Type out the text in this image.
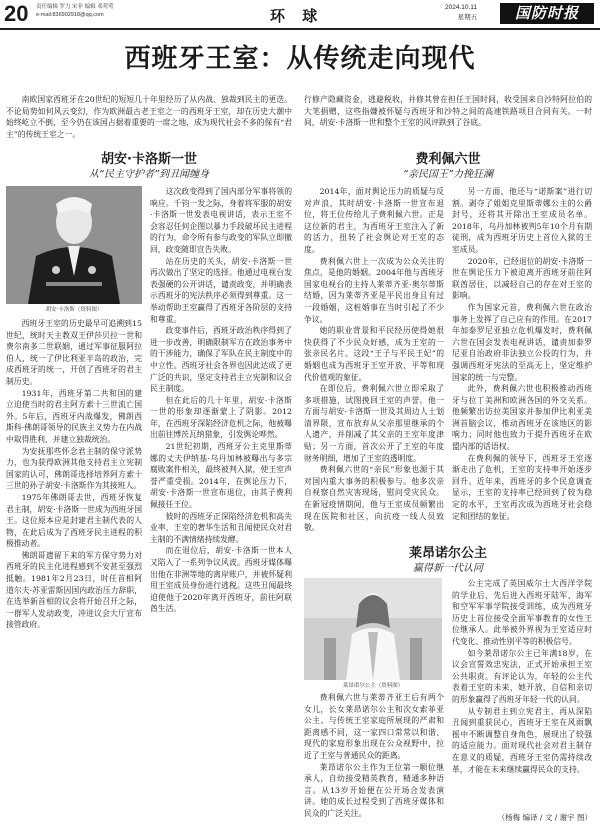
20 责任编辑 罗力 宋菲 编辑 邓莺莺
e-mail:836902918@qq.com	环 球	2024.10.11
星期五	国防时报
西班牙王室：从传统走向现代

南欧国家西班牙在20世纪的短短几十年里经历了从内战、独裁到民主的更迭。不论局势如何风云变幻，作为欧洲最古老王室之一的西班牙王室，却在历史大潮中始终屹立不倒，至今仍在该国占据着重要的一席之地，成为现代社会不多的保有“君主”的传统王室之一。

行修产隐藏资金，逃避税收，并修其曾在担任王国时间，收受国来自沙特阿拉伯的大笔捐赠，这些指嫌被怀疑与西班牙和沙特之间的高速铁路项目合同有关。一时间，胡安·卡洛斯一世和整个王室的风评跌到了谷底。

胡安·卡洛斯一世
从“民主守护者”到丑闻缠身
胡安·卡洛斯（资料图）

西班牙王室的历史最早可追溯到15世纪，统时天主教双王伊莎贝拉一世和费尔南多二世联姻，通过军事征服阿拉伯人，统一了伊比利亚半岛的政治，完成西班牙的统一，开创了西班牙的君主制历史。

1931年，西班牙第二共和国的建立迫使当时的君主阿方索十三世流亡国外。5年后，西班牙内战爆发，佛朗西斯科·佛朗哥领导的民族主义势力在内战中取得胜利，并建立独裁统治。

为安抚那些怀念君主制的保守派势力，也为获得欧洲其他支持君主立宪制国家的认可，佛朗哥选择培养阿方索十三世的孙子胡安·卡洛斯作为其接班人。

1975年佛朗哥去世，西班牙恢复君主制，胡安·卡洛斯一世成为西班牙国王。这位原本应是封建君主制代表的人物，在此后成为了西班牙民主进程的积极推动者。

佛朗哥遗留下来的军方保守势力对西班牙的民主化进程感到不安甚至强烈抵触。1981年2月23日，时任首相阿道尔夫·苏亚雷斯因国内政治压力辞职，在选举新首相的议会将开始召开之际，一群军人发动政变，冲进议会大厅宣布接管政府。

这次政变得到了国内部分军事将领的响应。千钧一发之际，身着将军服的胡安·卡洛斯一世发表电视讲话，表示王室不会容忍任何企图以暴力手段破坏民主进程的行为，命令所有参与政变的军队立即撤回，政变随即宣告失败。

站在历史的关头，胡安·卡洛斯一世再次做出了坚定的选择。他通过电视台发表强硬的公开讲话，谴责政变，并明确表示西班牙的宪法秩序必须得到尊重。这一举动帮助王室赢得了西班牙各阶层的支持和尊重。

政变事件后，西班牙政治秩序得到了进一步改善，明确限制军方在政治事务中的干涉能力，确保了军队在民主制度中的中立性。西班牙社会各界也因此达成了更广泛的共识，坚定支持君主立宪制和议会民主制度。

但在此后的几十年里，胡安·卡洛斯一世的形象却逐渐蒙上了阴影。2012年，在西班牙深陷经济危机之际，他被曝出前往博茨瓦纳猎象，引发舆论哗然。

21世纪初期，西班牙公主克里斯蒂娜的丈夫伊纳基·乌丹加林被曝出与多宗腐败案件相关，最终被判入狱，使王室声誉严重受损。2014年，在舆论压力下，胡安·卡洛斯一世宣布退位，由其子费利佩接任王位。

彼时的西班牙正深陷经济危机和高失业率，王室的奢华生活和丑闻使民众对君主制的不满情绪持续发酵。

而在退位后，胡安·卡洛斯一世本人又陷入了一系列争议风波。西班牙媒体曝出他在非洲等地的离岸账户，并被怀疑利用王室成员身份进行逃税。这些丑闻最终迫使他于2020年离开西班牙，前往阿联酋生活。

费利佩六世
“亲民国王”力挽狂澜

2014年，面对舆论压力的质疑与反对声浪，其时胡安·卡洛斯一世宣布退位，将王位传给儿子费利佩六世。正是这位新的君主，为西班牙王室注入了新的活力，扭转了社会舆论对王室的态度。

费利佩六世上一次成为公众关注的焦点，是他的婚姻。2004年他与西班牙国家电视台的主持人莱蒂齐亚·奥尔蒂斯结婚，因为莱蒂齐亚是平民出身且有过一段婚姻，这桩婚事在当时引起了不少争议。

她的职业背景和平民经历使得她很快获得了不少民众好感，成为王室的一张亲民名片。这段“王子与平民王妃”的婚姻也成为西班牙王室开放、平等和现代价值观的象征。

在即位后，费利佩六世立即采取了多项措施，试图挽回王室的声誉。他一方面与胡安·卡洛斯一世及其周边人士划清界限，宣布放弃从父亲那里继承的个人遗产，并削减了其父亲的王室年度津贴；另一方面，首次公开了王室的年度财务明细，增加了王室的透明度。

费利佩六世的“亲民”形象也源于其对国内重大事务的积极参与。他多次亲自视察自然灾害现场，慰问受灾民众。在新冠疫情期间，他与王室成员频繁出现在医院和社区，向抗疫一线人员致敬。

另一方面，他还与“诺斯案”进行切割。剥夺了姐姐克里斯蒂娜公主的公爵封号，还将其开除出王室成员名单。2018年，乌丹加林被判5年10个月有期徒刑，成为西班牙历史上首位入狱的王室成员。

2020年，已经退位的胡安·卡洛斯一世在舆论压力下被迫离开西班牙前往阿联酋居住，以减轻自己的存在对王室的影响。

作为国家元首，费利佩六世在政治事务上发挥了自己应有的作用。在2017年加泰罗尼亚独立危机爆发时，费利佩六世在国会发表电视讲话，谴责加泰罗尼亚自治政府非法独立公投的行为，并强调西班牙宪法的至高无上，坚定维护国家的统一与完整。

此外，费利佩六世也积极推动西班牙与拉丁美洲和欧洲各国的外交关系。他频繁出访拉美国家并参加伊比利亚美洲首脑会议，推动西班牙在该地区的影响力；同时他也致力于提升西班牙在欧盟内部的话语权。

在费利佩的领导下，西班牙王室逐渐走出了危机，王室的支持率开始逐步回升。近年来，西班牙的多个民意调查显示，王室的支持率已经回到了较为稳定的水平，王室再次成为西班牙社会稳定和团结的象征。

莱昂诺尔公主
赢得新一代认同
莱昂诺尔公主（资料图）

费利佩六世与莱蒂齐亚王后有两个女儿，长女莱昂诺尔公主和次女索菲亚公主。与传统王室家庭所展现的严肃和距离感不同，这一家四口常常以和谐、现代的家庭形象出现在公众视野中，拉近了王室与普通民众的距离。

莱昂诺尔公主作为王位第一顺位继承人，自幼接受精英教育，精通多种语言。从13岁开始便在公开场合发表演讲。她的成长过程受到了西班牙媒体和民众的广泛关注。

公主完成了英国威尔士大西洋学院的学业后，先后进入西班牙陆军、海军和空军军事学院接受训练，成为西班牙历史上首位接受全面军事教育的女性王位继承人。此举被外界视为王室适应时代变化、推动性别平等的积极信号。

如今莱昂诺尔公主已年满18岁，在议会宣誓效忠宪法，正式开始承担王室公共职责。有评论认为，年轻的公主代表着王室的未来，她开放、自信和亲切的形象赢得了西班牙年轻一代的认同。

从专制君主到立宪君主，再从深陷丑闻到重获民心，西班牙王室在风雨飘摇中不断调整自身角色，展现出了较强的适应能力。面对现代社会对君主制存在意义的质疑，西班牙王室仍需持续改革，才能在未来继续赢得民众的支持。

（杨梅 编译 / 文 / 谢宇 图）
